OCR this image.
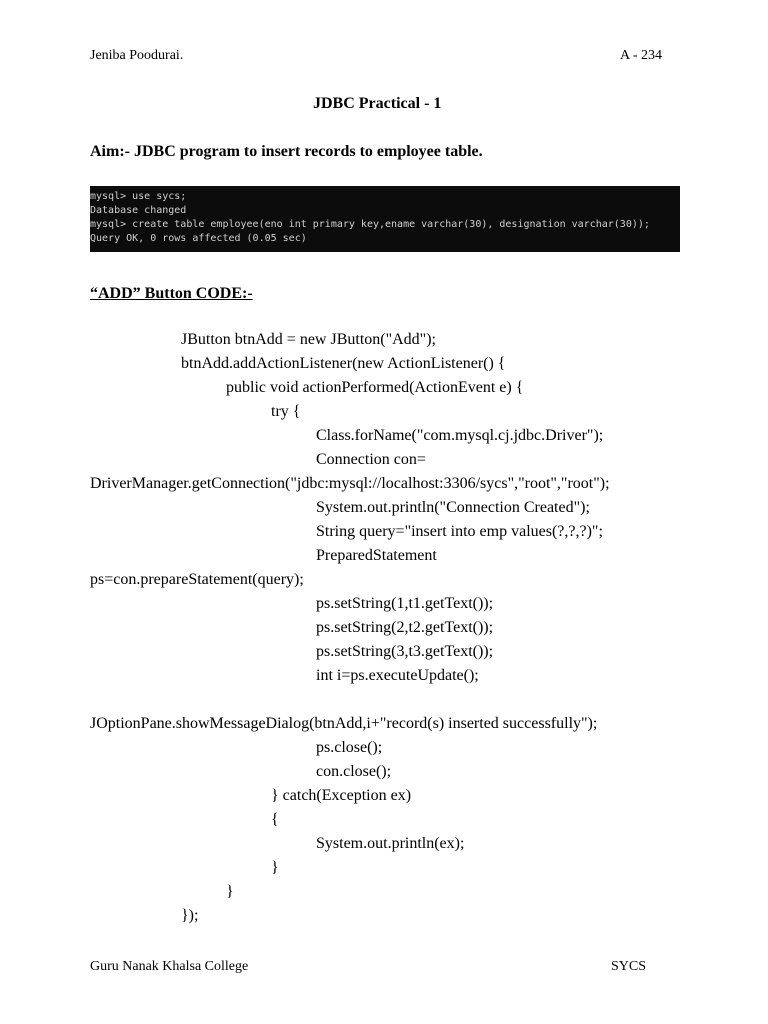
Jeniba Poodurai.	A - 234
JDBC Practical - 1
Aim:- JDBC program to insert records to employee table.
mysql> use sycs;
Database changed
mysql> create table employee(eno int primary key,ename varchar(30), designation varchar(30));
Query OK, 0 rows affected (0.05 sec)
“ADD” Button CODE:-
JButton btnAdd = new JButton("Add");
btnAdd.addActionListener(new ActionListener() {
public void actionPerformed(ActionEvent e) {
try {
Class.forName("com.mysql.cj.jdbc.Driver");
Connection con=
DriverManager.getConnection("jdbc:mysql://localhost:3306/sycs","root","root");
System.out.println("Connection Created");
String query="insert into emp values(?,?,?)";
PreparedStatement
ps=con.prepareStatement(query);
ps.setString(1,t1.getText());
ps.setString(2,t2.getText());
ps.setString(3,t3.getText());
int i=ps.executeUpdate();
JOptionPane.showMessageDialog(btnAdd,i+"record(s) inserted successfully");
ps.close();
con.close();
} catch(Exception ex)
{
System.out.println(ex);
}
}
});
Guru Nanak Khalsa College	SYCS
